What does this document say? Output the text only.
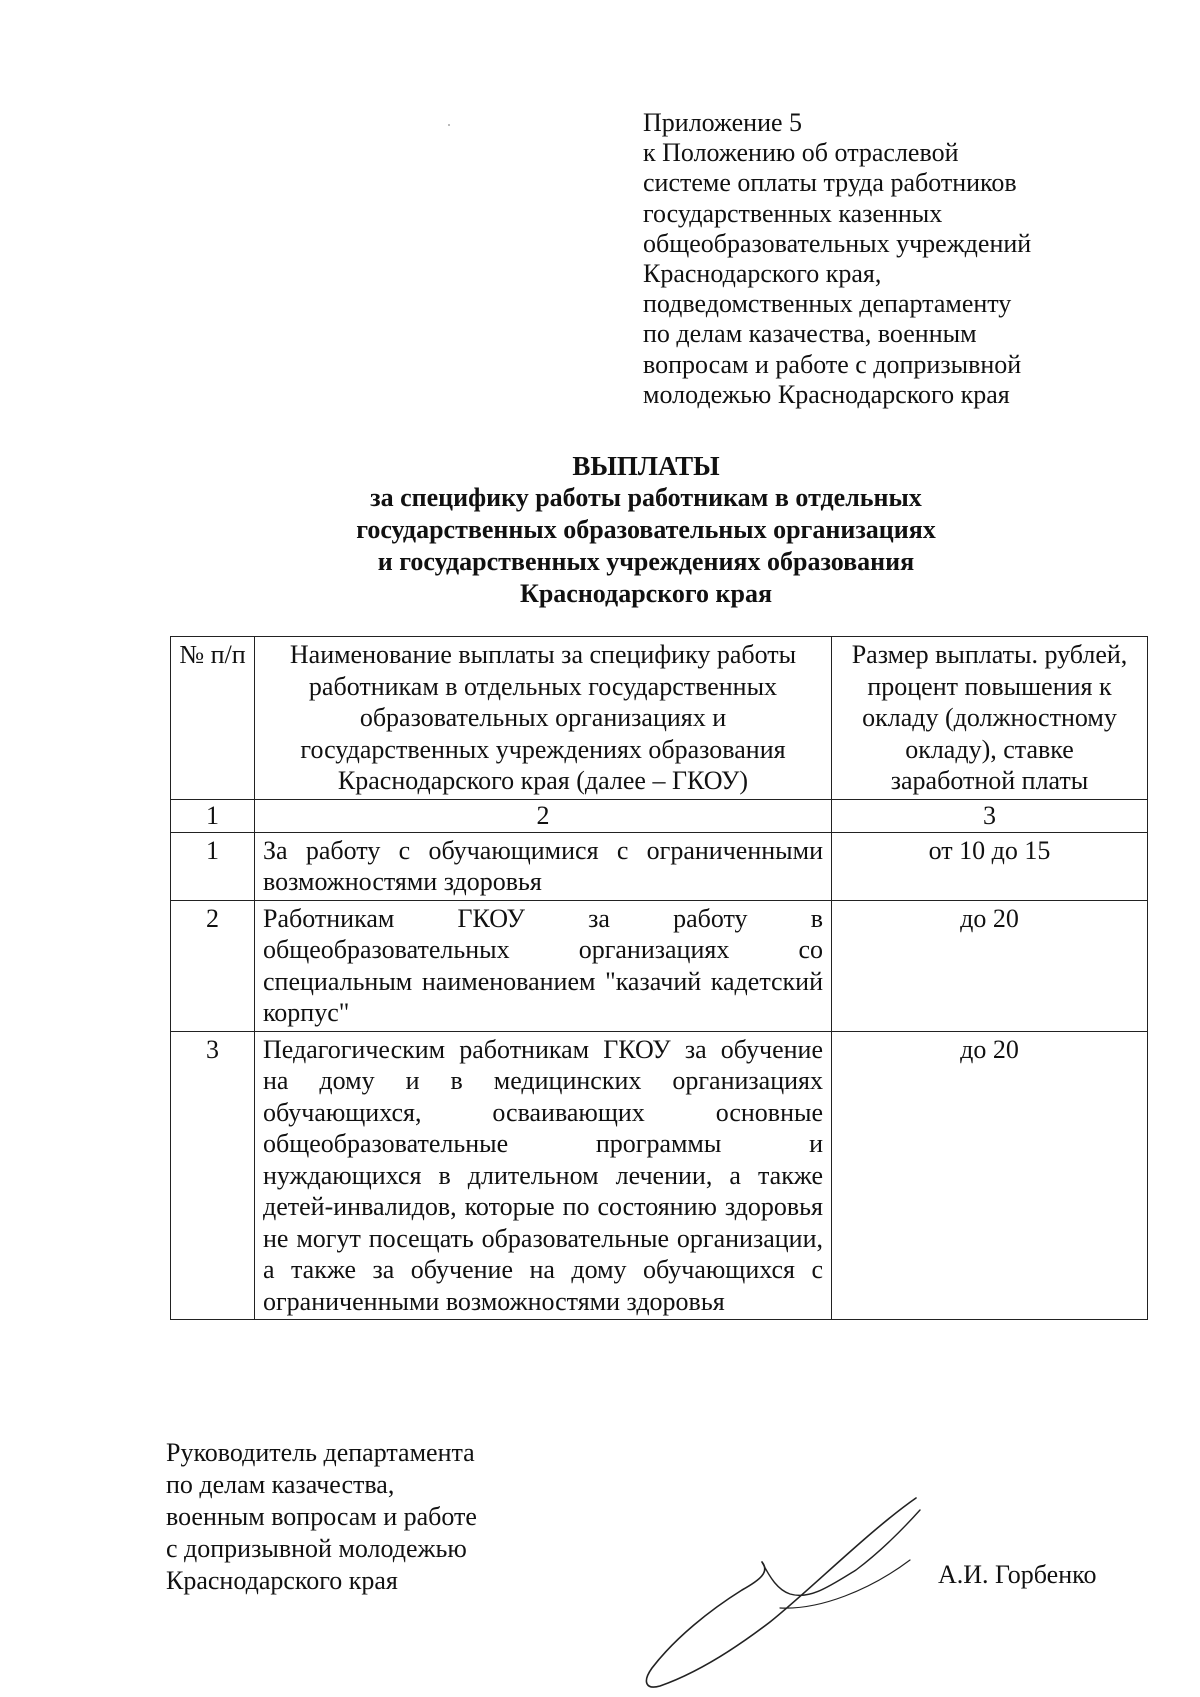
Приложение 5
к Положению об отраслевой
системе оплаты труда работников
государственных казенных
общеобразовательных учреждений
Краснодарского края,
подведомственных департаменту
по делам казачества, военным
вопросам и работе с допризывной
молодежью Краснодарского края
ВЫПЛАТЫ
за специфику работы работникам в отдельных
государственных образовательных организациях
и государственных учреждениях образования
Краснодарского края
№ п/п	Наименование выплаты за специфику работы работникам в отдельных государственных образовательных организациях и государственных учреждениях образования Краснодарского края (далее – ГКОУ)	Размер выплаты. рублей, процент повышения к окладу (должностному окладу), ставке заработной платы
1	2	3
1	За работу с обучающимися с ограниченными возможностями здоровья	от 10 до 15
2	Работникам ГКОУ за работу в общеобразовательных организациях со специальным наименованием "казачий кадетский корпус"	до 20
3	Педагогическим работникам ГКОУ за обучение на дому и в медицинских организациях обучающихся, осваивающих основные общеобразовательные программы и нуждающихся в длительном лечении, а также детей-инвалидов, которые по состоянию здоровья не могут посещать образовательные организации, а также за обучение на дому обучающихся с ограниченными возможностями здоровья	до 20
Руководитель департамента
по делам казачества,
военным вопросам и работе
с допризывной молодежью
Краснодарского края	А.И. Горбенко
